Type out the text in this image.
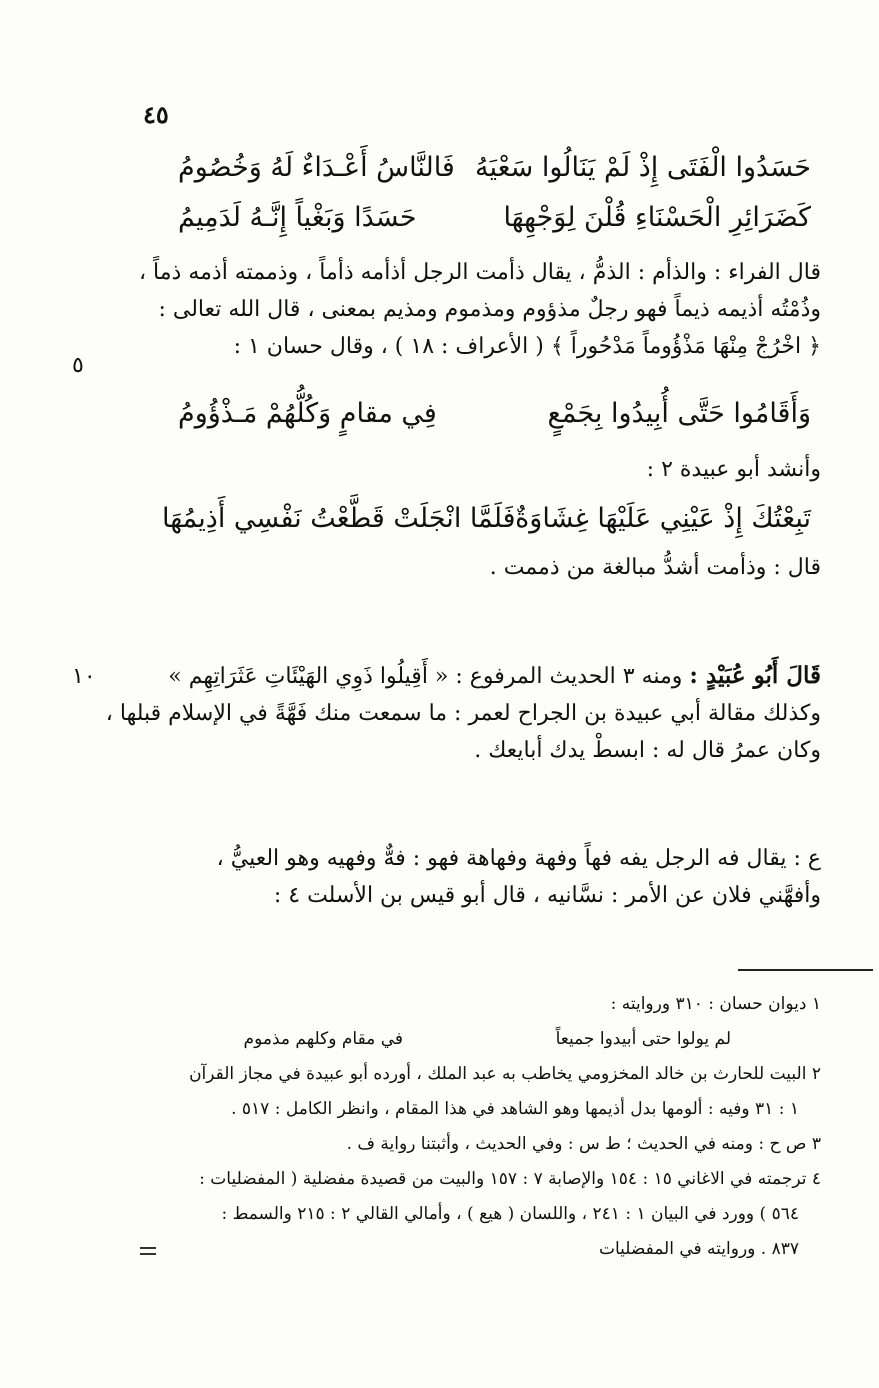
٤٥
حَسَدُوا الْفَتَى إِذْ لَمْ يَنَالُوا سَعْيَهُ
فَالنَّاسُ أَعْـدَاءٌ لَهُ وَخُصُومُ
كَضَرَائِرِ الْحَسْنَاءِ قُلْنَ لِوَجْهِهَا
حَسَدًا وَبَغْياً إِنَّـهُ لَدَمِيمُ

قال الفراء : والذأم : الذمُّ ، يقال ذأمت الرجل أذأمه ذأماً ، وذممته أذمه ذماً ،

وذُمْتُه أذيمه ذيماً فهو رجلٌ مذؤوم ومذموم ومذيم بمعنى ، قال الله تعالى :

﴿ اخْرُجْ مِنْهَا مَذْؤُوماً مَدْحُوراً ﴾ ( الأعراف : ١٨ ) ، وقال حسان ١ :

٥
وَأَقَامُوا حَتَّى أُبِيدُوا بِجَمْعٍ
فِي مقامٍ وَكُلُّهُمْ مَـذْؤُومُ

وأنشد أبو عبيدة ٢ :

تَبِعْتُكَ إِذْ عَيْنِي عَلَيْهَا غِشَاوَةٌ
فَلَمَّا انْجَلَتْ قَطَّعْتُ نَفْسِي أَذِيمُهَا

قال : وذأمت أشدُّ مبالغة من ذممت .

١٠	قَالَ أَبُو عُبَيْدٍ : ومنه ٣ الحديث المرفوع : « أَقِيلُوا ذَوِي الهَيْئَاتِ عَثَرَاتِهِم »

وكذلك مقالة أبي عبيدة بن الجراح لعمر : ما سمعت منك فَهَّةً في الإسلام قبلها ،

وكان عمرُ قال له : ابسطْ يدك أبايعك .

ع : يقال فه الرجل يفه فهاً وفهة وفهاهة فهو : فهٌّ وفهيه وهو العييُّ ،

وأفهَّني فلان عن الأمر : نسَّانيه ، قال أبو قيس بن الأسلت ٤ :

١ ديوان حسان : ٣١٠ وروايته :

لم يولوا حتى أبيدوا جميعاً
في مقام وكلهم مذموم

٢ البيت للحارث بن خالد المخزومي يخاطب به عبد الملك ، أورده أبو عبيدة في مجاز القرآن

١ : ٣١ وفيه : ألومها بدل أذيمها وهو الشاهد في هذا المقام ، وانظر الكامل : ٥١٧ .

٣ ص ح : ومنه في الحديث ؛ ط س : وفي الحديث ، وأثبتنا رواية ف .

٤ ترجمته في الاغاني ١٥ : ١٥٤ والإصابة ٧ : ١٥٧ والبيت من قصيدة مفضلية ( المفضليات :

٥٦٤ ) وورد في البيان ١ : ٢٤١ ، واللسان ( هيع ) ، وأمالي القالي ٢ : ٢١٥ والسمط :

٨٣٧ . وروايته في المفضليات
